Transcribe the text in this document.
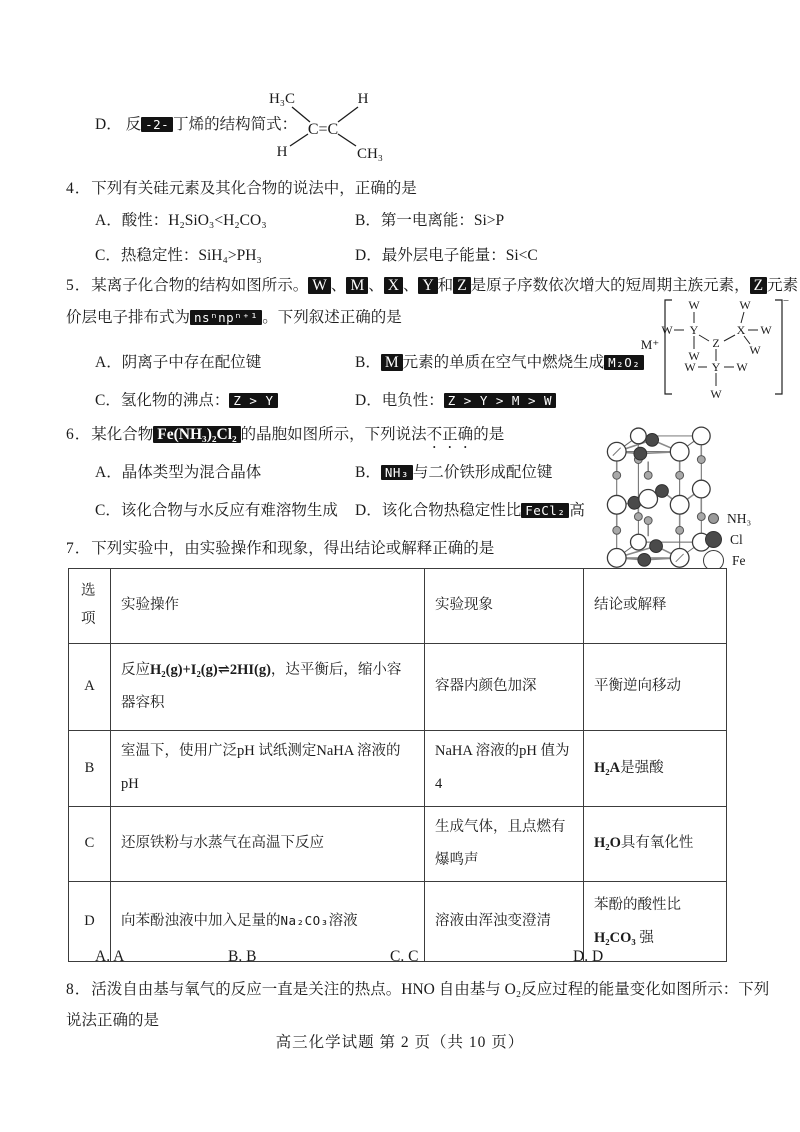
D． 反 -2- 丁烯的结构简式：
H₃C	H
C=C
H	CH₃
4．下列有关硅元素及其化合物的说法中，正确的是
A．酸性：H₂SiO₃<H₂CO₃	B．第一电离能：Si>P
C．热稳定性：SiH₄>PH₃	D．最外层电子能量：Si<C
5．某离子化合物的结构如图所示。 W 、 M 、 X 、 Y 和 Z 是原子序数依次增大的短周期主族元素， Z 元素
价层电子排布式为 nsⁿnpⁿ⁺¹ 。下列叙述正确的是
A．阴离子中存在配位键	B． M 元素的单质在空气中燃烧生成 M₂O₂
C．氢化物的沸点： Z > Y	D．电负性： Z > Y > M > W
M⁺
−
W	W
W Y	X W
Z W
W
W Y W
W
6．某化合物 Fe(NH₃)₂Cl₂ 的晶胞如图所示，下列说法不正确的是
A．晶体类型为混合晶体	B． NH₃ 与二价铁形成配位键
C．该化合物与水反应有难溶物生成	D．该化合物热稳定性比 FeCl₂ 高	NH₃
Cl
Fe
7．下列实验中，由实验操作和现象，得出结论或解释正确的是
选项	实验操作	实验现象	结论或解释
A	反应H₂(g)+I₂(g)⇌2HI(g)，达平衡后，缩小容器容积	容器内颜色加深	平衡逆向移动
B	室温下，使用广泛pH 试纸测定NaHA 溶液的pH	NaHA 溶液的pH 值为4	H₂A是强酸
C	还原铁粉与水蒸气在高温下反应	生成气体，且点燃有爆鸣声	H₂O具有氧化性
D	向苯酚浊液中加入足量的Na₂CO₃溶液	溶液由浑浊变澄清	苯酚的酸性比
H₂CO₃ 强
A. A	B. B	C. C	D. D
8．活泼自由基与氧气的反应一直是关注的热点。HNO 自由基与 O₂反应过程的能量变化如图所示：下列
说法正确的是
高三化学试题 第 2 页（共 10 页）
